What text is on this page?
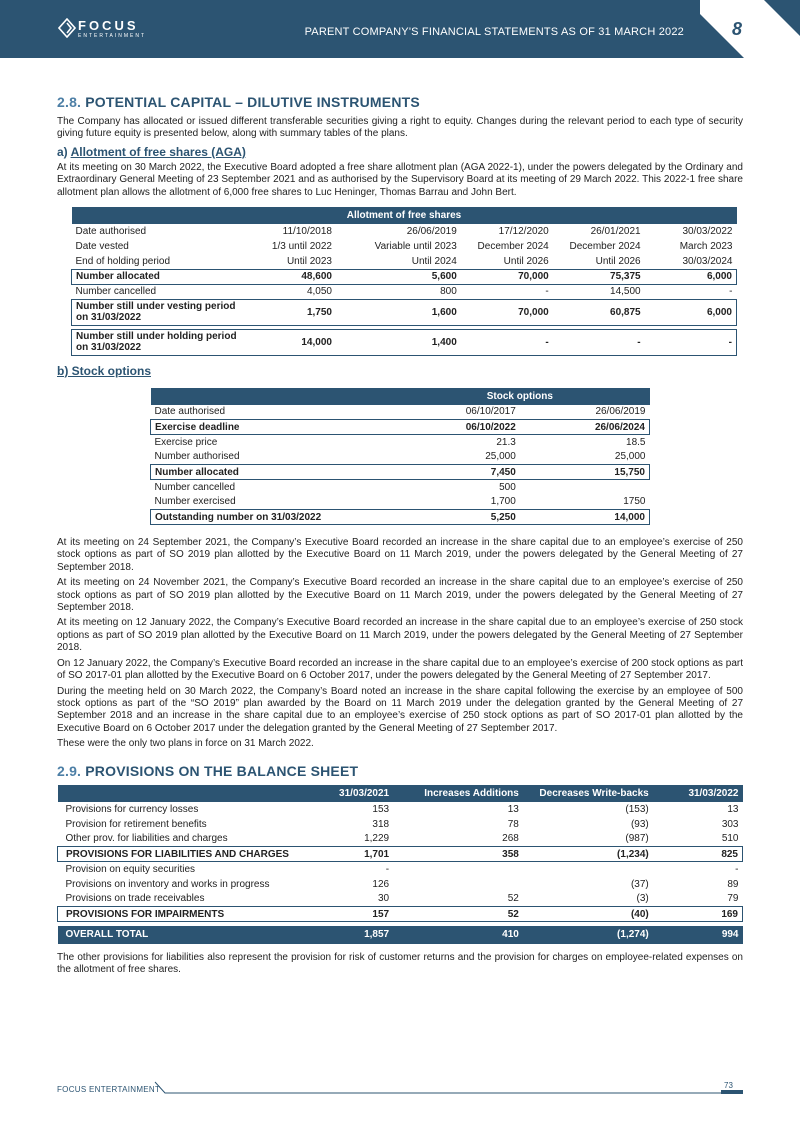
FOCUS
ENTERTAINMENT	PARENT COMPANY'S FINANCIAL STATEMENTS AS OF 31 MARCH 2022	8
2.8. POTENTIAL CAPITAL – DILUTIVE INSTRUMENTS

The Company has allocated or issued different transferable securities giving a right to equity. Changes during the relevant period to each type of security giving future equity is presented below, along with summary tables of the plans.

a) Allotment of free shares (AGA)

At its meeting on 30 March 2022, the Executive Board adopted a free share allotment plan (AGA 2022-1), under the powers delegated by the Ordinary and Extraordinary General Meeting of 23 September 2021 and as authorised by the Supervisory Board at its meeting of 29 March 2022. This 2022-1 free share allotment plan allows the allotment of 6,000 free shares to Luc Heninger, Thomas Barrau and John Bert.

Allotment of free shares					
Date authorised	11/10/2018	26/06/2019	17/12/2020	26/01/2021	30/03/2022
Date vested	1/3 until 2022	Variable until 2023	December 2024	December 2024	March 2023
End of holding period	Until 2023	Until 2024	Until 2026	Until 2026	30/03/2024
Number allocated	48,600	5,600	70,000	75,375	6,000
Number cancelled	4,050	800	-	14,500	-
Number still under vesting period on 31/03/2022	1,750	1,600	70,000	60,875	6,000

Number still under holding period on 31/03/2022	14,000	1,400	-	-	-
b) Stock options
	Stock options	
Date authorised	06/10/2017	26/06/2019
Exercise deadline	06/10/2022	26/06/2024
Exercise price	21.3	18.5
Number authorised	25,000	25,000
Number allocated	7,450	15,750
Number cancelled	500	
Number exercised	1,700	1750
Outstanding number on 31/03/2022	5,250	14,000

At its meeting on 24 September 2021, the Company’s Executive Board recorded an increase in the share capital due to an employee’s exercise of 250 stock options as part of SO 2019 plan allotted by the Executive Board on 11 March 2019, under the powers delegated by the General Meeting of 27 September 2018.

At its meeting on 24 November 2021, the Company’s Executive Board recorded an increase in the share capital due to an employee’s exercise of 250 stock options as part of SO 2019 plan allotted by the Executive Board on 11 March 2019, under the powers delegated by the General Meeting of 27 September 2018.

At its meeting on 12 January 2022, the Company’s Executive Board recorded an increase in the share capital due to an employee’s exercise of 250 stock options as part of SO 2019 plan allotted by the Executive Board on 11 March 2019, under the powers delegated by the General Meeting of 27 September 2018.

On 12 January 2022, the Company’s Executive Board recorded an increase in the share capital due to an employee’s exercise of 200 stock options as part of SO 2017-01 plan allotted by the Executive Board on 6 October 2017, under the powers delegated by the General Meeting of 27 September 2017.

During the meeting held on 30 March 2022, the Company’s Board noted an increase in the share capital following the exercise by an employee of 500 stock options as part of the “SO 2019” plan awarded by the Board on 11 March 2019 under the delegation granted by the General Meeting of 27 September 2018 and an increase in the share capital due to an employee’s exercise of 250 stock options as part of SO 2017-01 plan allotted by the Executive Board on 6 October 2017 under the delegation granted by the General Meeting of 27 September 2017.

These were the only two plans in force on 31 March 2022.

2.9. PROVISIONS ON THE BALANCE SHEET
	31/03/2021	Increases Additions	Decreases Write-backs	31/03/2022
Provisions for currency losses	153	13	(153)	13
Provision for retirement benefits	318	78	(93)	303
Other prov. for liabilities and charges	1,229	268	(987)	510
PROVISIONS FOR LIABILITIES AND CHARGES	1,701	358	(1,234)	825
Provision on equity securities	-			-
Provisions on inventory and works in progress	126		(37)	89
Provisions on trade receivables	30	52	(3)	79
PROVISIONS FOR IMPAIRMENTS	157	52	(40)	169

OVERALL TOTAL	1,857	410	(1,274)	994

The other provisions for liabilities also represent the provision for risk of customer returns and the provision for charges on employee-related expenses on the allotment of free shares.

FOCUS ENTERTAINMENT	73
